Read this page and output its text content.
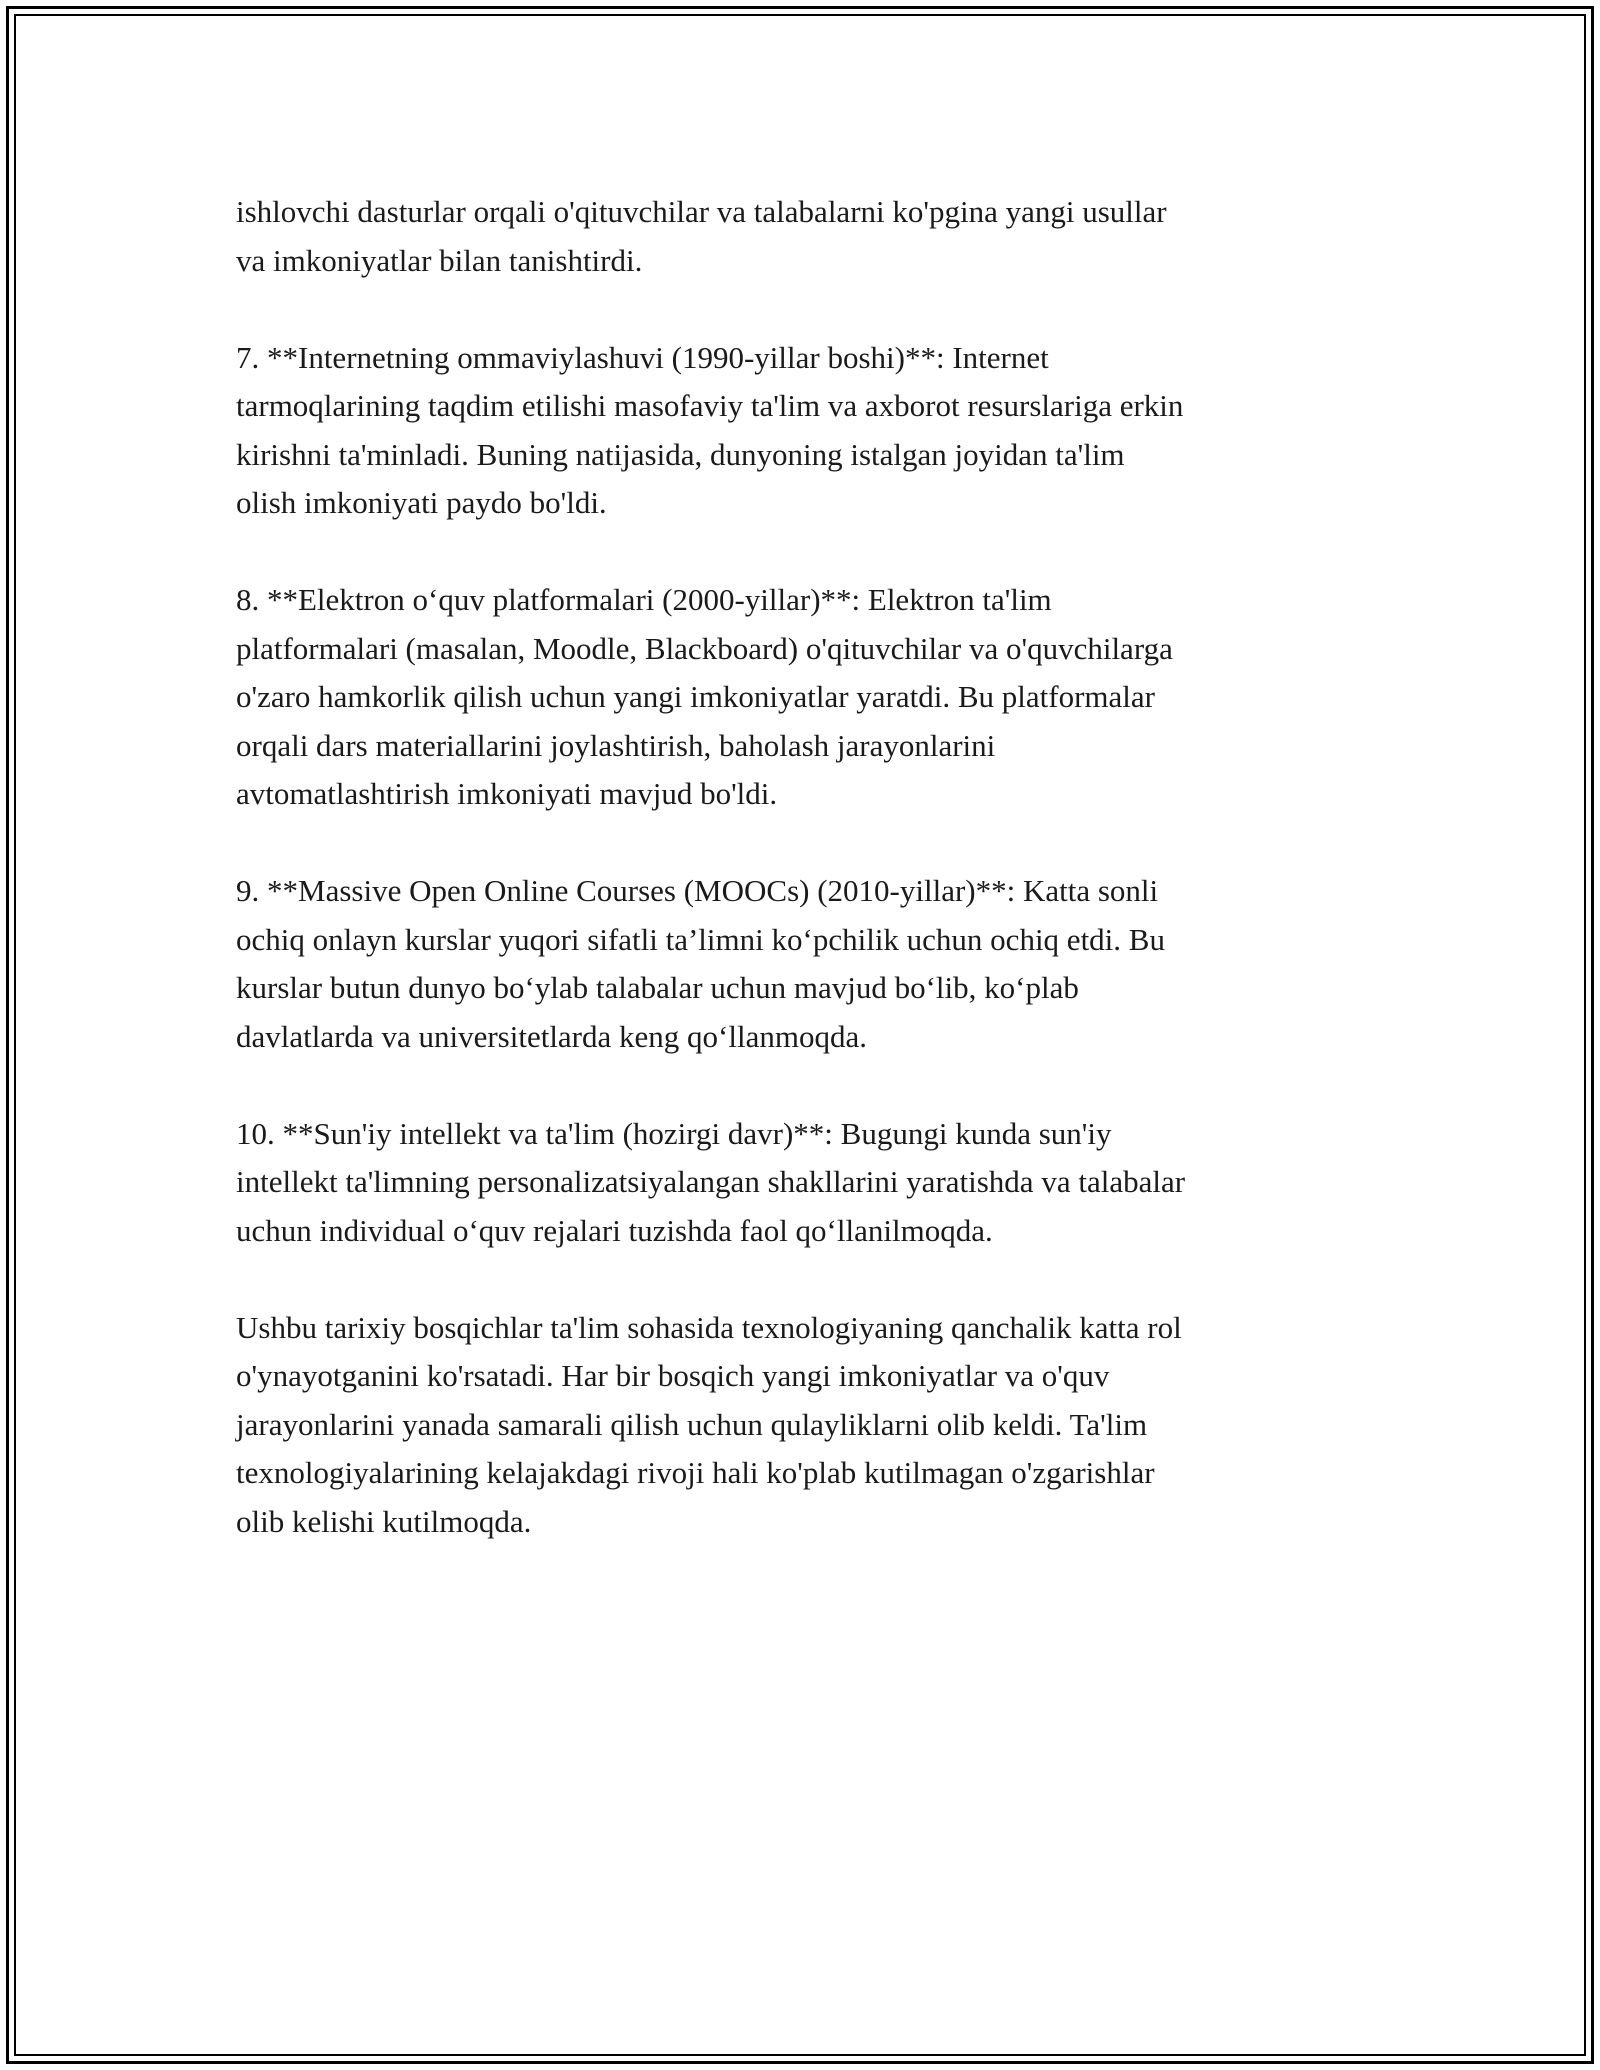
ishlovchi dasturlar orqali o'qituvchilar va talabalarni ko'pgina yangi usullar
va imkoniyatlar bilan tanishtirdi.

7. **Internetning ommaviylashuvi (1990-yillar boshi)**: Internet
tarmoqlarining taqdim etilishi masofaviy ta'lim va axborot resurslariga erkin
kirishni ta'minladi. Buning natijasida, dunyoning istalgan joyidan ta'lim
olish imkoniyati paydo bo'ldi.

8. **Elektron o‘quv platformalari (2000-yillar)**: Elektron ta'lim
platformalari (masalan, Moodle, Blackboard) o'qituvchilar va o'quvchilarga
o'zaro hamkorlik qilish uchun yangi imkoniyatlar yaratdi. Bu platformalar
orqali dars materiallarini joylashtirish, baholash jarayonlarini
avtomatlashtirish imkoniyati mavjud bo'ldi.

9. **Massive Open Online Courses (MOOCs) (2010-yillar)**: Katta sonli
ochiq onlayn kurslar yuqori sifatli ta’limni ko‘pchilik uchun ochiq etdi. Bu
kurslar butun dunyo bo‘ylab talabalar uchun mavjud bo‘lib, ko‘plab
davlatlarda va universitetlarda keng qo‘llanmoqda.

10. **Sun'iy intellekt va ta'lim (hozirgi davr)**: Bugungi kunda sun'iy
intellekt ta'limning personalizatsiyalangan shakllarini yaratishda va talabalar
uchun individual o‘quv rejalari tuzishda faol qo‘llanilmoqda.

Ushbu tarixiy bosqichlar ta'lim sohasida texnologiyaning qanchalik katta rol
o'ynayotganini ko'rsatadi. Har bir bosqich yangi imkoniyatlar va o'quv
jarayonlarini yanada samarali qilish uchun qulayliklarni olib keldi. Ta'lim
texnologiyalarining kelajakdagi rivoji hali ko'plab kutilmagan o'zgarishlar
olib kelishi kutilmoqda.
